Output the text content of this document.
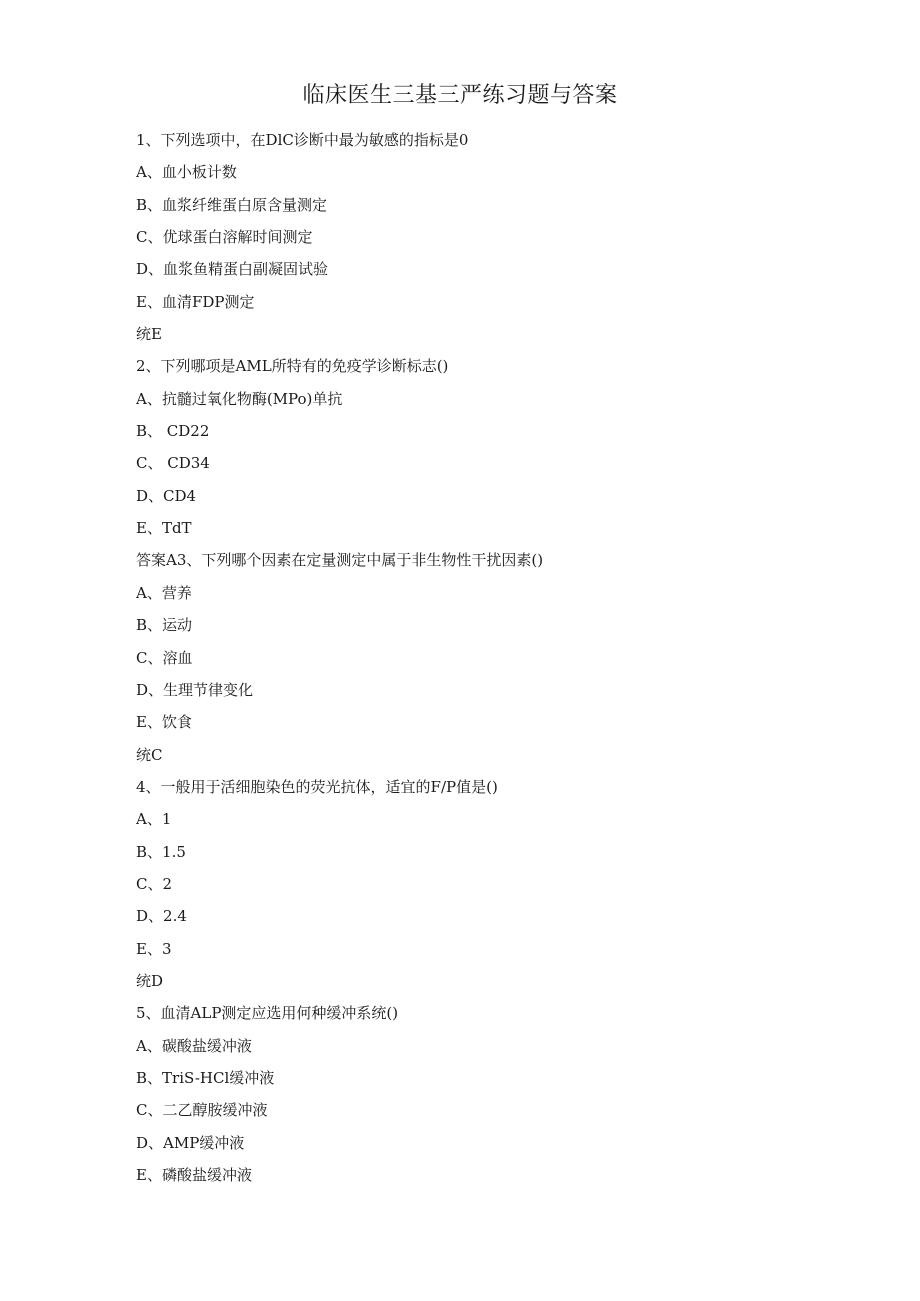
临床医生三基三严练习题与答案
1、下列选项中，在DlC诊断中最为敏感的指标是0
A、血小板计数
B、血浆纤维蛋白原含量测定
C、优球蛋白溶解时间测定
D、血浆鱼精蛋白副凝固试验
E、血清FDP测定
统E
2、下列哪项是AML所特有的免疫学诊断标志()
A、抗髓过氧化物酶(MPo)单抗
B、 CD22
C、 CD34
D、CD4
E、TdT
答案A3、下列哪个因素在定量测定中属于非生物性干扰因素()
A、营养
B、运动
C、溶血
D、生理节律变化
E、饮食
统C
4、一般用于活细胞染色的荧光抗体，适宜的F/P值是()
A、1
B、1.5
C、2
D、2.4
E、3
统D
5、血清ALP测定应选用何种缓冲系统()
A、碳酸盐缓冲液
B、TriS-HCl缓冲液
C、二乙醇胺缓冲液
D、AMP缓冲液
E、磷酸盐缓冲液
